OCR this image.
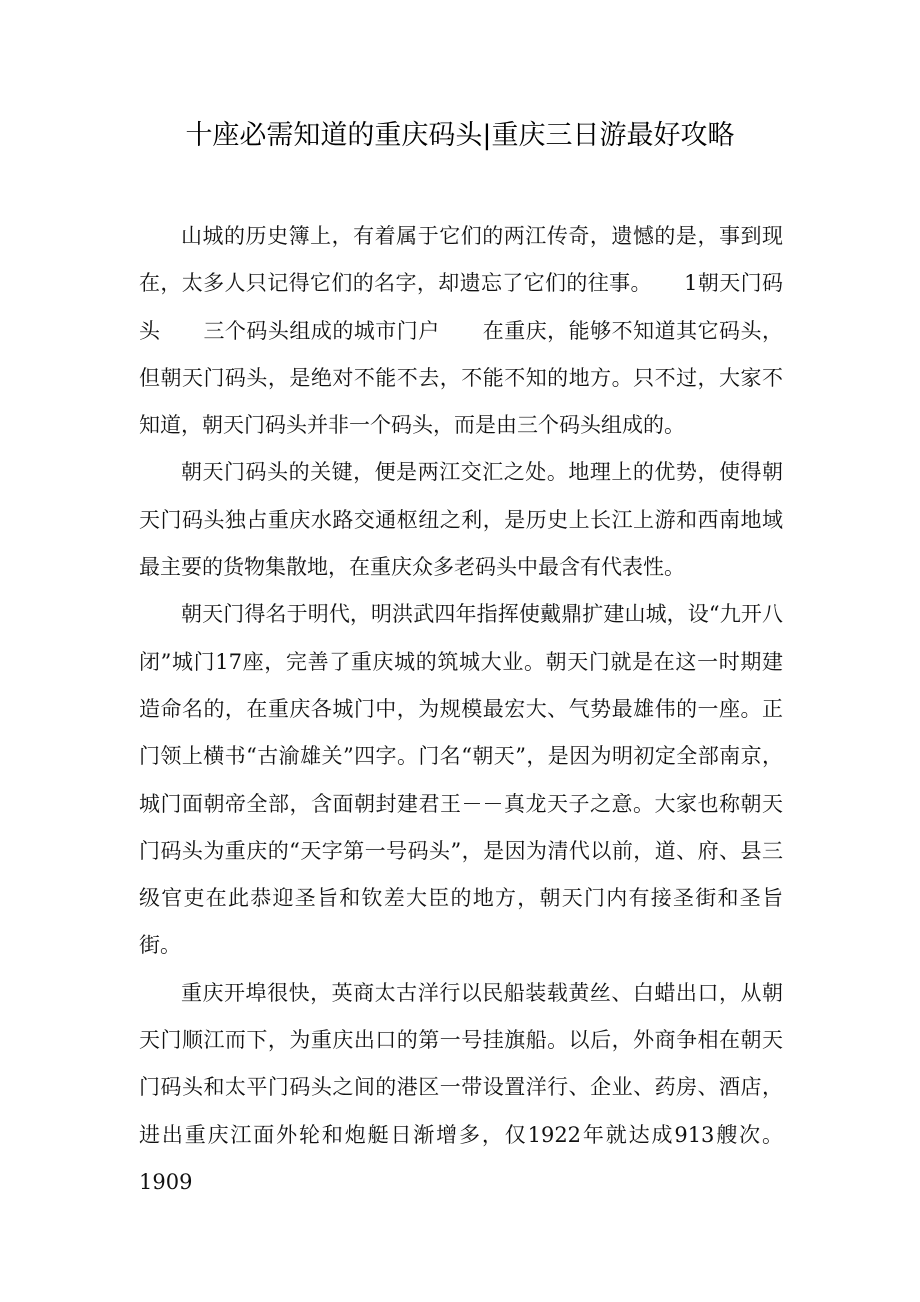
十座必需知道的重庆码头|重庆三日游最好攻略

山城的历史簿上，有着属于它们的两江传奇，遗憾的是，事到现在，太多人只记得它们的名字，却遗忘了它们的往事。　　1朝天门码头　　三个码头组成的城市门户　　在重庆，能够不知道其它码头，但朝天门码头，是绝对不能不去，不能不知的地方。只不过，大家不知道，朝天门码头并非一个码头，而是由三个码头组成的。

朝天门码头的关键，便是两江交汇之处。地理上的优势，使得朝天门码头独占重庆水路交通枢纽之利，是历史上长江上游和西南地域最主要的货物集散地，在重庆众多老码头中最含有代表性。

朝天门得名于明代，明洪武四年指挥使戴鼎扩建山城，设“九开八闭”城门17座，完善了重庆城的筑城大业。朝天门就是在这一时期建造命名的，在重庆各城门中，为规模最宏大、气势最雄伟的一座。正门领上横书“古渝雄关”四字。门名“朝天”，是因为明初定全部南京，城门面朝帝全部，含面朝封建君王－－真龙天子之意。大家也称朝天门码头为重庆的“天字第一号码头”，是因为清代以前，道、府、县三级官吏在此恭迎圣旨和钦差大臣的地方，朝天门内有接圣街和圣旨街。

重庆开埠很快，英商太古洋行以民船装载黄丝、白蜡出口，从朝天门顺江而下，为重庆出口的第一号挂旗船。以后，外商争相在朝天门码头和太平门码头之间的港区一带设置洋行、企业、药房、酒店，进出重庆江面外轮和炮艇日渐增多，仅1922年就达成913艘次。1909
